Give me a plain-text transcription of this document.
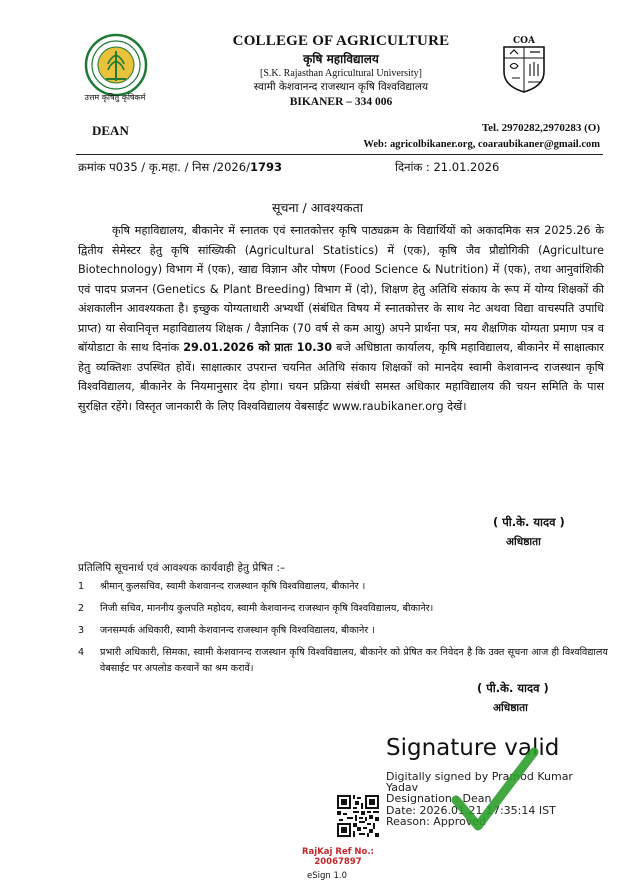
उत्तम कृषितु कृषिकर्म
COLLEGE OF AGRICULTURE
कृषि महाविद्यालय
[S.K. Rajasthan Agricultural University]
स्वामी केशवानन्द राजस्थान कृषि विश्वविद्यालय
BIKANER – 334 006
COA
DEAN	Tel. 2970282,2970283 (O)
Web: agricolbikaner.org, coaraubikaner@gmail.com
क्रमांक प035 / कृ.महा. / निस /2026/1793	दिनांक : 21.01.2026
सूचना / आवश्यकता

कृषि महाविद्यालय, बीकानेर में स्नातक एवं स्नातकोत्तर कृषि पाठ्यक्रम के विद्यार्थियों को अकादमिक सत्र 2025.26 के द्वितीय सेमेस्टर हेतु कृषि सांख्यिकी (Agricultural Statistics) में (एक), कृषि जैव प्रौद्योगिकी (Agriculture Biotechnology) विभाग में (एक), खाद्य विज्ञान और पोषण (Food Science & Nutrition) में (एक), तथा आनुवांशिकी एवं पादप प्रजनन (Genetics & Plant Breeding) विभाग में (दो), शिक्षण हेतु अतिथि संकाय के रूप में योग्य शिक्षकों की अंशकालीन आवश्यकता है। इच्छुक योग्यताधारी अभ्यर्थी (संबंधित विषय में स्नातकोत्तर के साथ नेट अथवा विद्या वाचस्पति उपाधि प्राप्त) या सेवानिवृत्त महाविद्यालय शिक्षक / वैज्ञानिक (70 वर्ष से कम आयु) अपने प्रार्थना पत्र, मय शैक्षणिक योग्यता प्रमाण पत्र व बॉयोडाटा के साथ दिनांक 29.01.2026 को प्रातः 10.30 बजे अधिष्ठाता कार्यालय, कृषि महाविद्यालय, बीकानेर में साक्षात्कार हेतु व्यक्तिशः उपस्थित होवें। साक्षात्कार उपरान्त चयनित अतिथि संकाय शिक्षकों को मानदेय स्वामी केशवानन्द राजस्थान कृषि विश्वविद्यालय, बीकानेर के नियमानुसार देय होगा। चयन प्रक्रिया संबंधी समस्त अधिकार महाविद्यालय की चयन समिति के पास सुरक्षित रहेंगे। विस्तृत जानकारी के लिए विश्वविद्यालय वेबसाईट www.raubikaner.org देखें।

( पी.के. यादव )
अधिष्ठाता
प्रतिलिपि सूचनार्थ एवं आवश्यक कार्यवाही हेतु प्रेषित :–
1	श्रीमान् कुलसचिव, स्वामी केशवानन्द राजस्थान कृषि विश्वविद्यालय, बीकानेर ।
2	निजी सचिव, माननीय कुलपति महोदय, स्वामी केशवानन्द राजस्थान कृषि विश्वविद्यालय, बीकानेर।
3	जनसम्पर्क अधिकारी, स्वामी केशवानन्द राजस्थान कृषि विश्वविद्यालय, बीकानेर ।
4	प्रभारी अधिकारी, सिमका, स्वामी केशवानन्द राजस्थान कृषि विश्वविद्यालय, बीकानेर को प्रेषित कर निवेदन है कि उक्त सूचना आज ही विश्वविद्यालय वेबसाईट पर अपलोड करवानें का श्रम करावें।
( पी.के. यादव )
अधिष्ठाता
Signature valid
Digitally signed by Pramod Kumar
Yadav
Designation : Dean
Date: 2026.01.21 17:35:14 IST
Reason: Approved
RajKaj Ref No.:
20067897
eSign 1.0
